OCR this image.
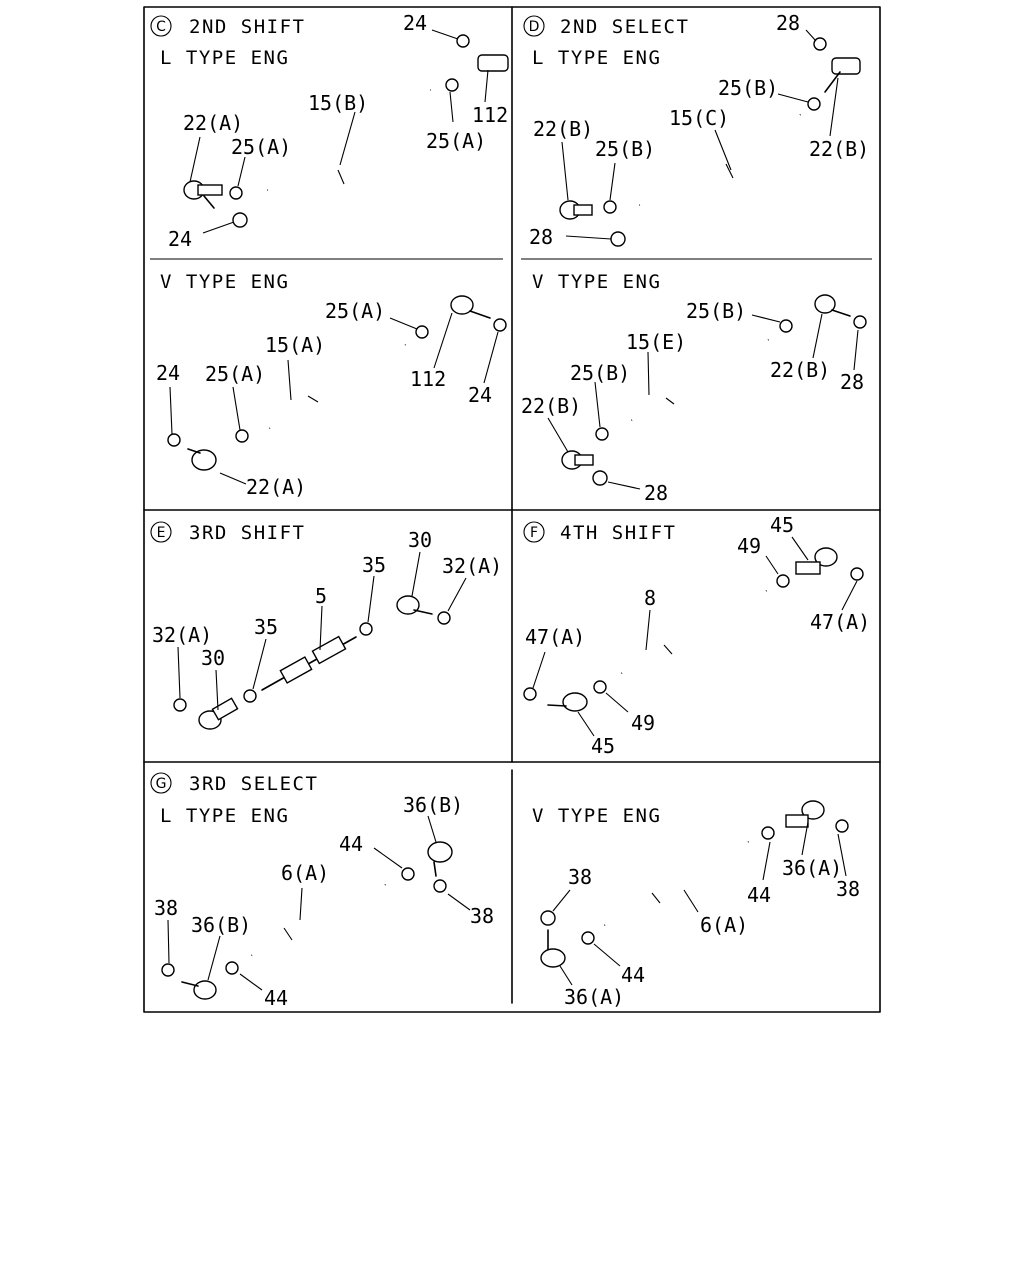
C 2ND SHIFT
L TYPE ENG
V TYPE ENG
D 2ND SELECT
L TYPE ENG
V TYPE ENG
E 3RD SHIFT	F 4TH SHIFT
G 3RD SELECT
L TYPE ENG	V TYPE ENG
24
112
15(B)
25(A)
22(A)
25(A)
24
25(A)
15(A)
24 25(A)	112
24
22(A)
28
25(B)
22(B)
15(C)
22(B)
25(B)
28
25(B)
15(E)
25(B)
22(B)
22(B) 28
28
30
35	32(A)
5
32(A) 35
30
45
49
8
47(A)
47(A)
49
45
36(B)
44
6(A)
38	38
36(B)
44
38
44
36(A)
38
6(A)
44
36(A)
